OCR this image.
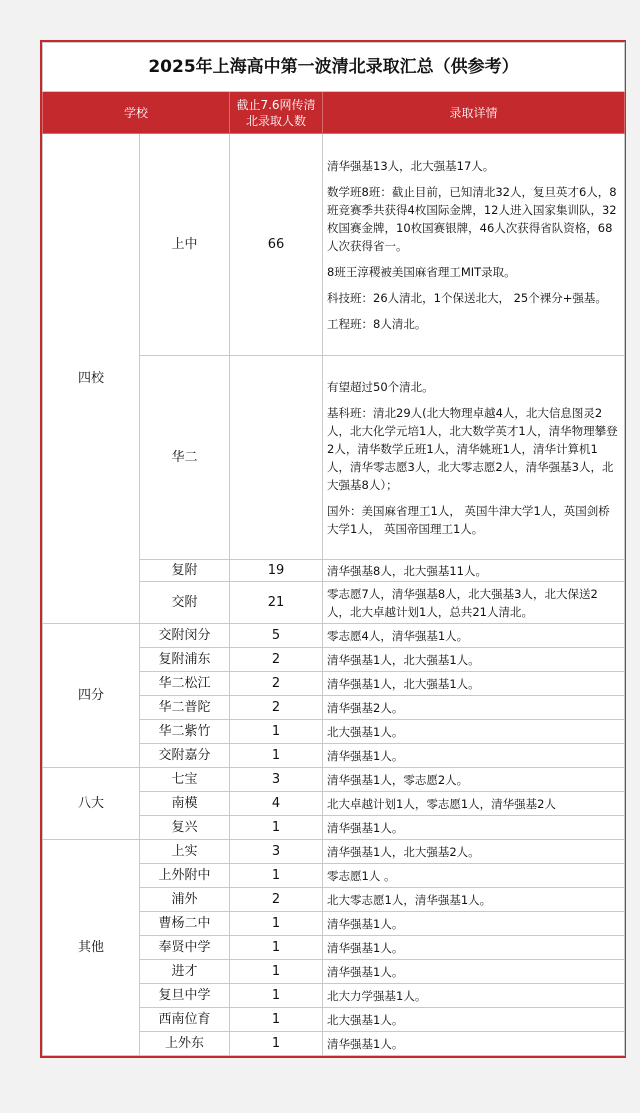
2025年上海高中第一波清北录取汇总（供参考）			
学校		截止7.6网传清北录取人数	录取详情
四校	上中	66	清华强基13人，北大强基17人。

数学班8班：截止目前，已知清北32人，复旦英才6人，8班竞赛季共获得4枚国际金牌，12人进入国家集训队，32枚国赛金牌，10枚国赛银牌，46人次获得省队资格，68人次获得省一。

8班王淳稷被美国麻省理工MIT录取。

科技班：26人清北，1个保送北大， 25个裸分+强基。

工程班：8人清北。

	华二		有望超过50个清北。

基科班：清北29人(北大物理卓越4人，北大信息图灵2人，北大化学元培1人，北大数学英才1人，清华物理攀登 2人，清华数学丘班1人，清华姚班1人，清华计算机1人，清华零志愿3人，北大零志愿2人，清华强基3人，北大强基8人）；

国外：美国麻省理工1人， 英国牛津大学1人，英国剑桥大学1人， 英国帝国理工1人。

	复附	19	清华强基8人，北大强基11人。

	交附	21	零志愿7人，清华强基8人，北大强基3人，北大保送2人，北大卓越计划1人，总共21人清北。

四分	交附闵分	5	零志愿4人，清华强基1人。

	复附浦东	2	清华强基1人，北大强基1人。

	华二松江	2	清华强基1人，北大强基1人。

	华二普陀	2	清华强基2人。

	华二紫竹	1	北大强基1人。

	交附嘉分	1	清华强基1人。

八大	七宝	3	清华强基1人，零志愿2人。

	南模	4	北大卓越计划1人，零志愿1人，清华强基2人

	复兴	1	清华强基1人。

其他	上实	3	清华强基1人，北大强基2人。

	上外附中	1	零志愿1人 。

	浦外	2	北大零志愿1人，清华强基1人。

	曹杨二中	1	清华强基1人。

	奉贤中学	1	清华强基1人。

	进才	1	清华强基1人。

	复旦中学	1	北大力学强基1人。

	西南位育	1	北大强基1人。

	上外东	1	清华强基1人。
